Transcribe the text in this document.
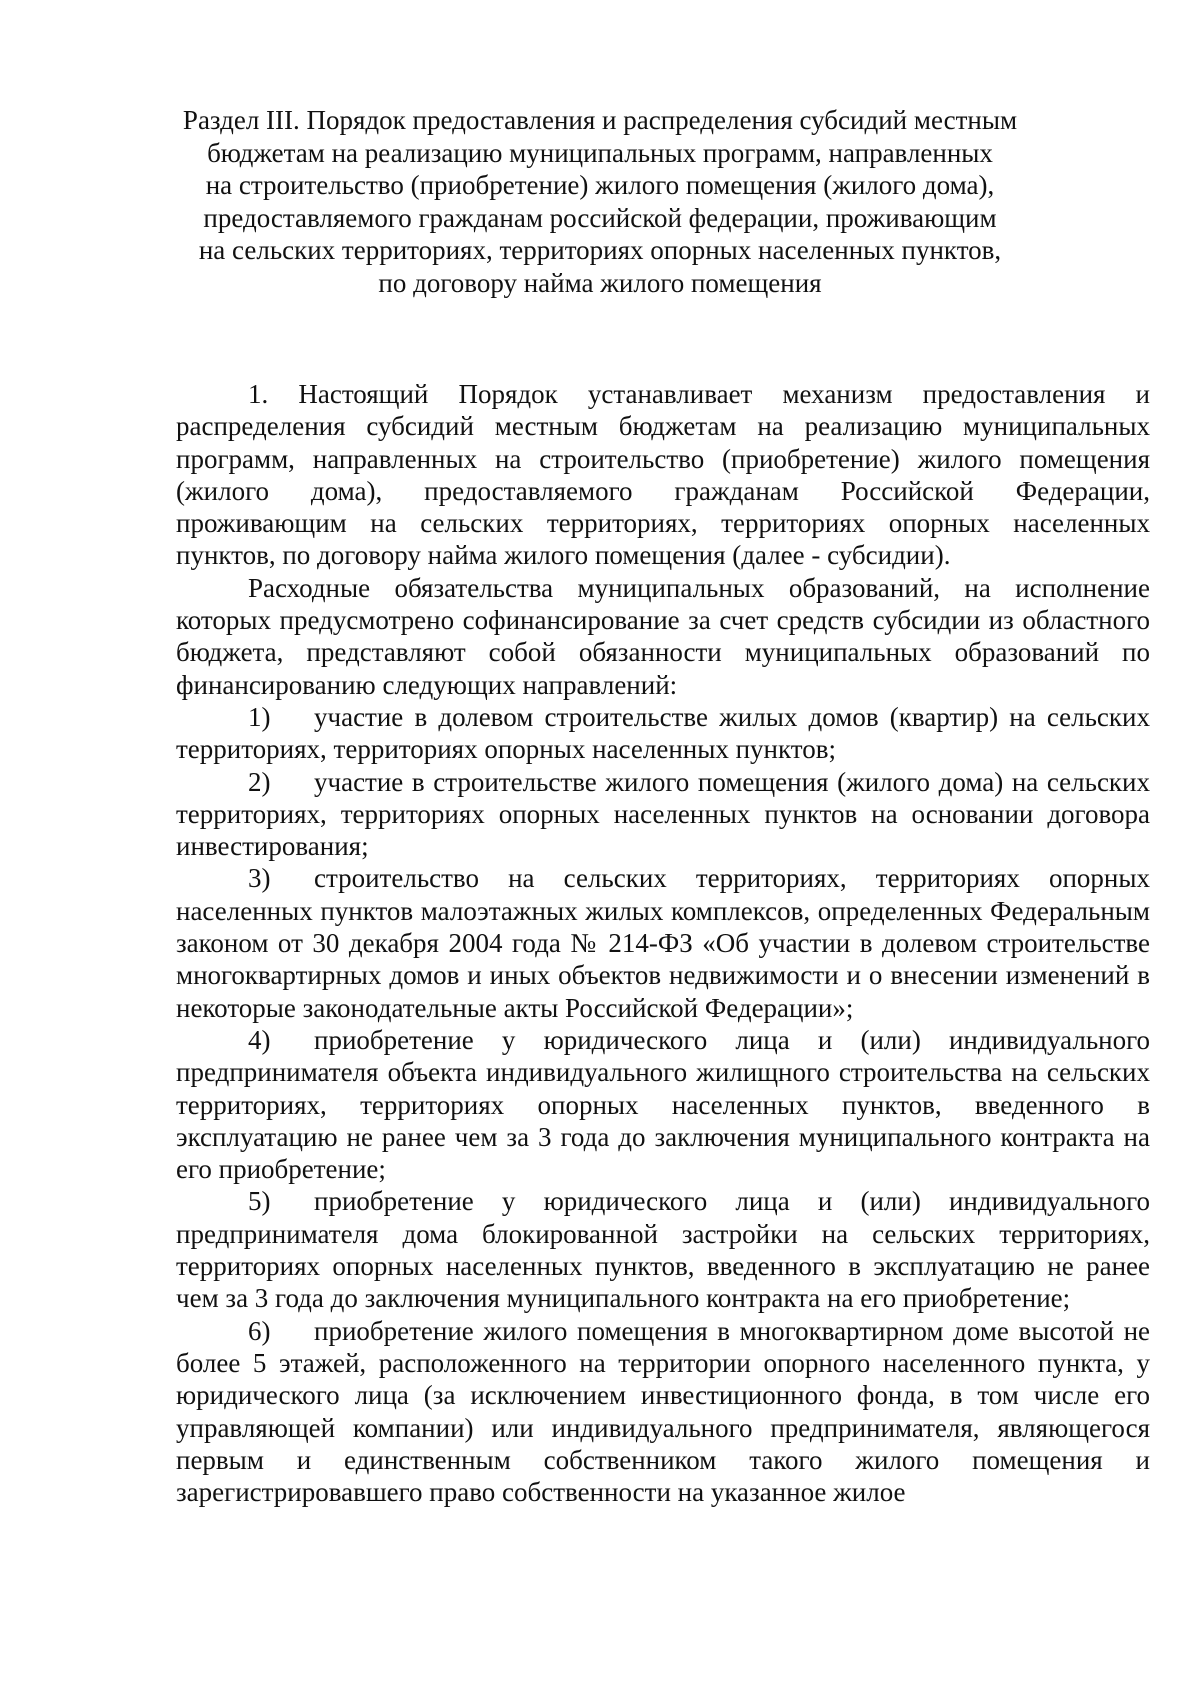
Раздел III. Порядок предоставления и распределения субсидий местным
бюджетам на реализацию муниципальных программ, направленных
на строительство (приобретение) жилого помещения (жилого дома),
предоставляемого гражданам российской федерации, проживающим
на сельских территориях, территориях опорных населенных пунктов,
по договору найма жилого помещения

1. Настоящий Порядок устанавливает механизм предоставления и распределения субсидий местным бюджетам на реализацию муниципальных программ, направленных на строительство (приобретение) жилого помещения (жилого дома), предоставляемого гражданам Российской Федерации, проживающим на сельских территориях, территориях опорных населенных пунктов, по договору найма жилого помещения (далее - субсидии).

Расходные обязательства муниципальных образований, на исполнение которых предусмотрено софинансирование за счет средств субсидии из областного бюджета, представляют собой обязанности муниципальных образований по финансированию следующих направлений:

1) участие в долевом строительстве жилых домов (квартир) на сельских территориях, территориях опорных населенных пунктов;

2) участие в строительстве жилого помещения (жилого дома) на сельских территориях, территориях опорных населенных пунктов на основании договора инвестирования;

3) строительство на сельских территориях, территориях опорных населенных пунктов малоэтажных жилых комплексов, определенных Федеральным законом от 30 декабря 2004 года № 214-ФЗ «Об участии в долевом строительстве многоквартирных домов и иных объектов недвижимости и о внесении изменений в некоторые законодательные акты Российской Федерации»;

4) приобретение у юридического лица и (или) индивидуального предпринимателя объекта индивидуального жилищного строительства на сельских территориях, территориях опорных населенных пунктов, введенного в эксплуатацию не ранее чем за 3 года до заключения муниципального контракта на его приобретение;

5) приобретение у юридического лица и (или) индивидуального предпринимателя дома блокированной застройки на сельских территориях, территориях опорных населенных пунктов, введенного в эксплуатацию не ранее чем за 3 года до заключения муниципального контракта на его приобретение;

6) приобретение жилого помещения в многоквартирном доме высотой не более 5 этажей, расположенного на территории опорного населенного пункта, у юридического лица (за исключением инвестиционного фонда, в том числе его управляющей компании) или индивидуального предпринимателя, являющегося первым и единственным собственником такого жилого помещения и зарегистрировавшего право собственности на указанное жилое
